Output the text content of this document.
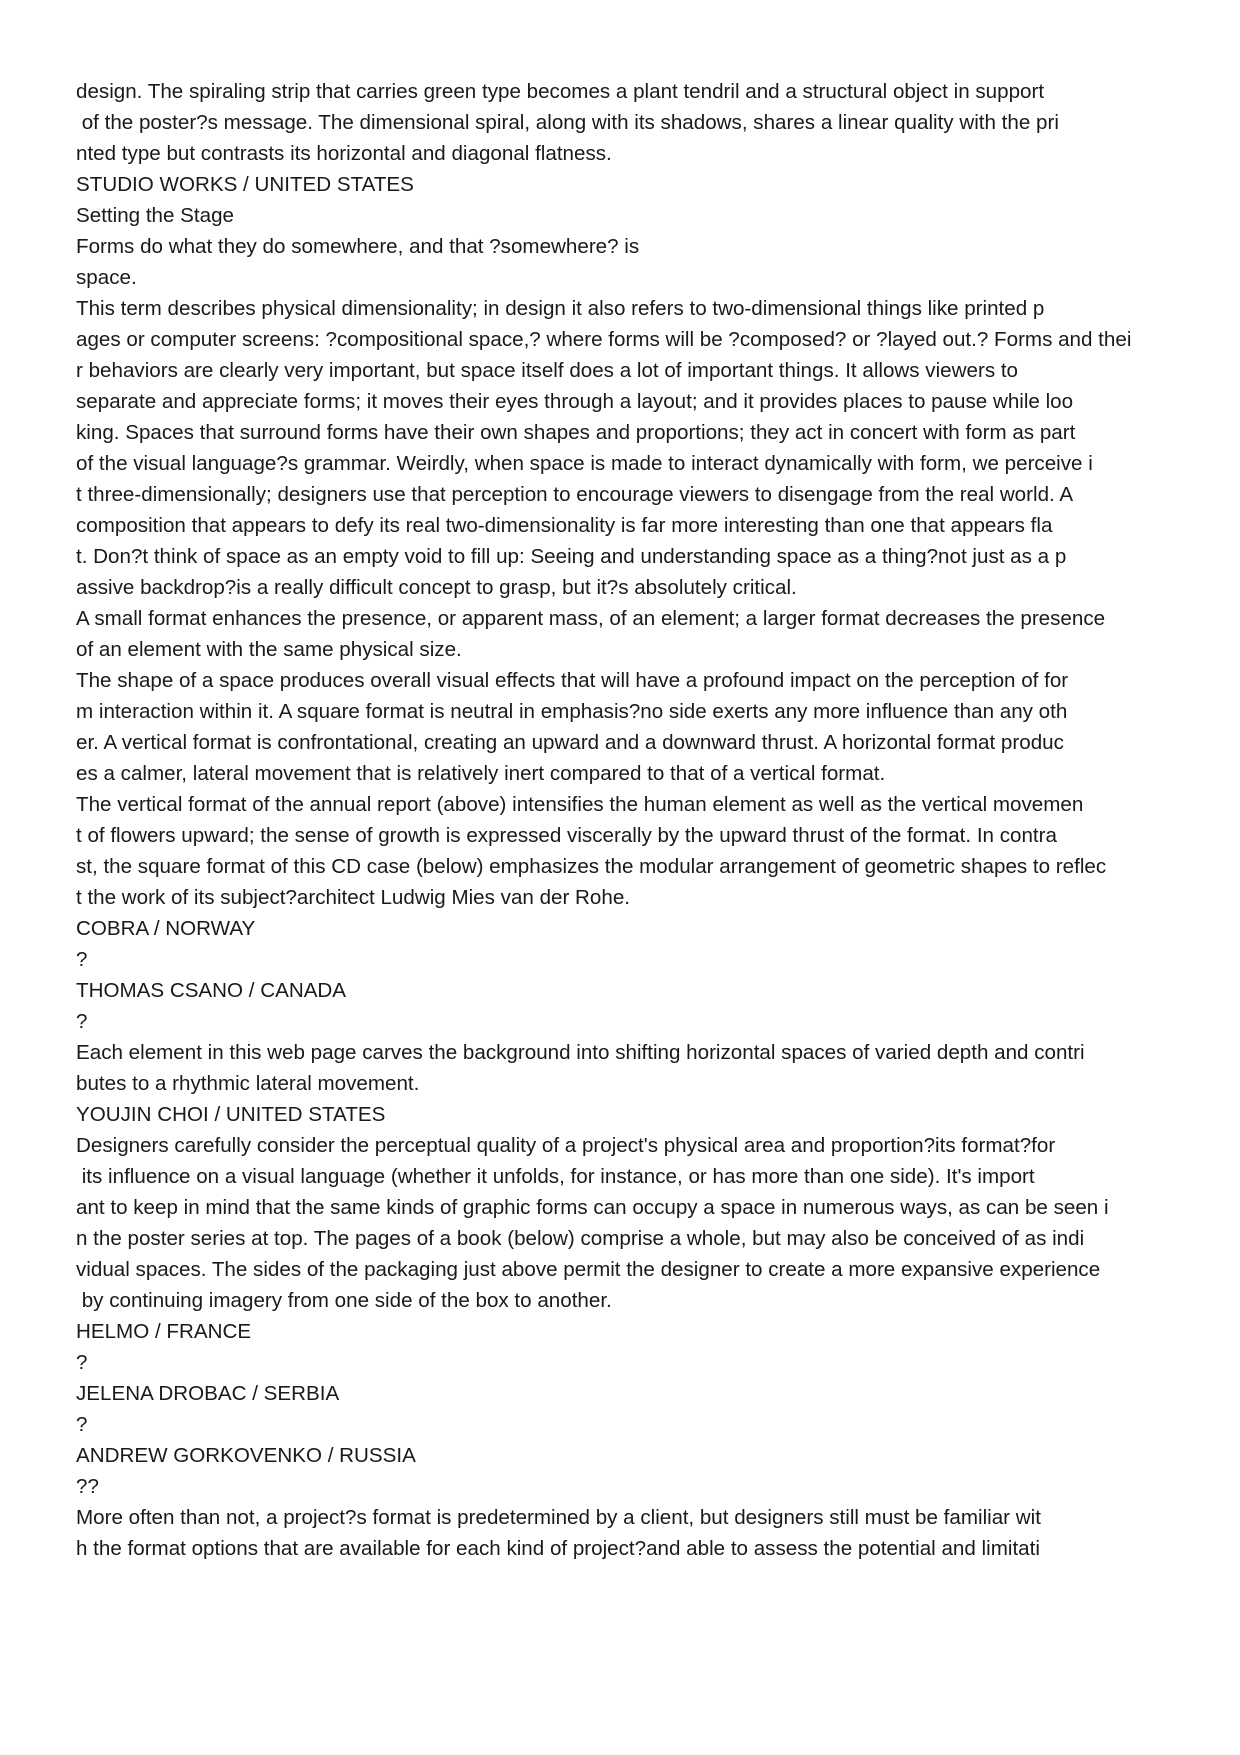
design. The spiraling strip that carries green type becomes a plant tendril and a structural object in support
of the poster?s message. The dimensional spiral, along with its shadows, shares a linear quality with the pri
nted type but contrasts its horizontal and diagonal flatness.
STUDIO WORKS / UNITED STATES
Setting the Stage
Forms do what they do somewhere, and that ?somewhere? is
space.
This term describes physical dimensionality; in design it also refers to two-dimensional things like printed p
ages or computer screens: ?compositional space,? where forms will be ?composed? or ?layed out.? Forms and thei
r behaviors are clearly very important, but space itself does a lot of important things. It allows viewers to
separate and appreciate forms; it moves their eyes through a layout; and it provides places to pause while loo
king. Spaces that surround forms have their own shapes and proportions; they act in concert with form as part
of the visual language?s grammar. Weirdly, when space is made to interact dynamically with form, we perceive i
t three-dimensionally; designers use that perception to encourage viewers to disengage from the real world. A
composition that appears to defy its real two-dimensionality is far more interesting than one that appears fla
t. Don?t think of space as an empty void to fill up: Seeing and understanding space as a thing?not just as a p
assive backdrop?is a really difficult concept to grasp, but it?s absolutely critical.
A small format enhances the presence, or apparent mass, of an element; a larger format decreases the presence
of an element with the same physical size.
The shape of a space produces overall visual effects that will have a profound impact on the perception of for
m interaction within it. A square format is neutral in emphasis?no side exerts any more influence than any oth
er. A vertical format is confrontational, creating an upward and a downward thrust. A horizontal format produc
es a calmer, lateral movement that is relatively inert compared to that of a vertical format.
The vertical format of the annual report (above) intensifies the human element as well as the vertical movemen
t of flowers upward; the sense of growth is expressed viscerally by the upward thrust of the format. In contra
st, the square format of this CD case (below) emphasizes the modular arrangement of geometric shapes to reflec
t the work of its subject?architect Ludwig Mies van der Rohe.
COBRA / NORWAY
?
THOMAS CSANO / CANADA
?
Each element in this web page carves the background into shifting horizontal spaces of varied depth and contri
butes to a rhythmic lateral movement.
YOUJIN CHOI / UNITED STATES
Designers carefully consider the perceptual quality of a project's physical area and proportion?its format?for
its influence on a visual language (whether it unfolds, for instance, or has more than one side). It's import
ant to keep in mind that the same kinds of graphic forms can occupy a space in numerous ways, as can be seen i
n the poster series at top. The pages of a book (below) comprise a whole, but may also be conceived of as indi
vidual spaces. The sides of the packaging just above permit the designer to create a more expansive experience
by continuing imagery from one side of the box to another.
HELMO / FRANCE
?
JELENA DROBAC / SERBIA
?
ANDREW GORKOVENKO / RUSSIA
??
More often than not, a project?s format is predetermined by a client, but designers still must be familiar wit
h the format options that are available for each kind of project?and able to assess the potential and limitati
